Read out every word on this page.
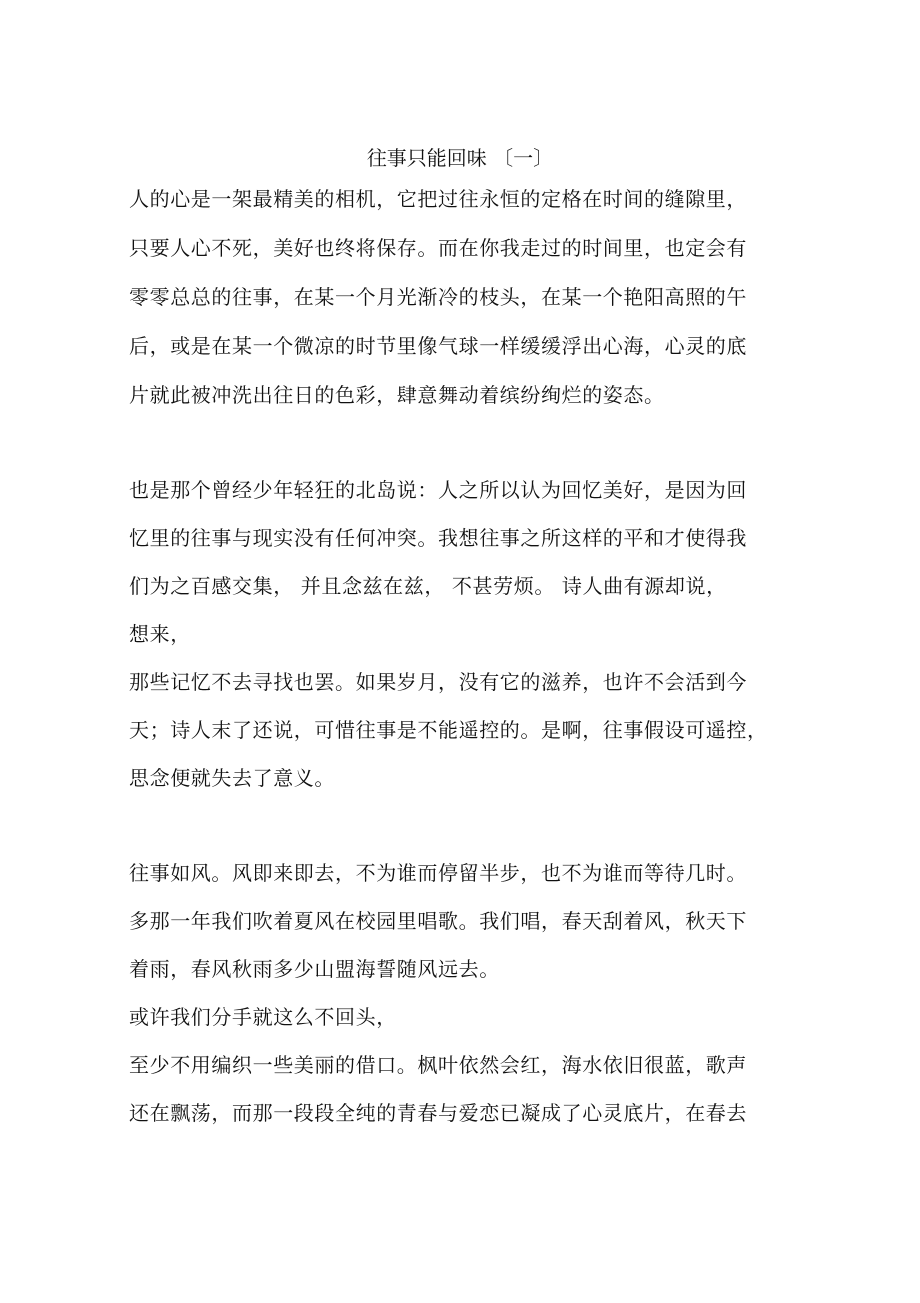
往事只能回味 〔一〕
人的心是一架最精美的相机，它把过往永恒的定格在时间的缝隙里，
只要人心不死，美好也终将保存。而在你我走过的时间里，也定会有
零零总总的往事，在某一个月光渐冷的枝头，在某一个艳阳高照的午
后，或是在某一个微凉的时节里像气球一样缓缓浮出心海，心灵的底
片就此被冲洗出往日的色彩，肆意舞动着缤纷绚烂的姿态。
也是那个曾经少年轻狂的北岛说：人之所以认为回忆美好，是因为回
忆里的往事与现实没有任何冲突。我想往事之所这样的平和才使得我
们为之百感交集， 并且念兹在兹， 不甚劳烦。 诗人曲有源却说，
想来，
那些记忆不去寻找也罢。如果岁月，没有它的滋养，也许不会活到今
天；诗人末了还说，可惜往事是不能遥控的。是啊，往事假设可遥控，
思念便就失去了意义。
往事如风。风即来即去，不为谁而停留半步，也不为谁而等待几时。
多那一年我们吹着夏风在校园里唱歌。我们唱，春天刮着风，秋天下
着雨，春风秋雨多少山盟海誓随风远去。
或许我们分手就这么不回头，
至少不用编织一些美丽的借口。枫叶依然会红，海水依旧很蓝，歌声
还在飘荡，而那一段段全纯的青春与爱恋已凝成了心灵底片，在春去
